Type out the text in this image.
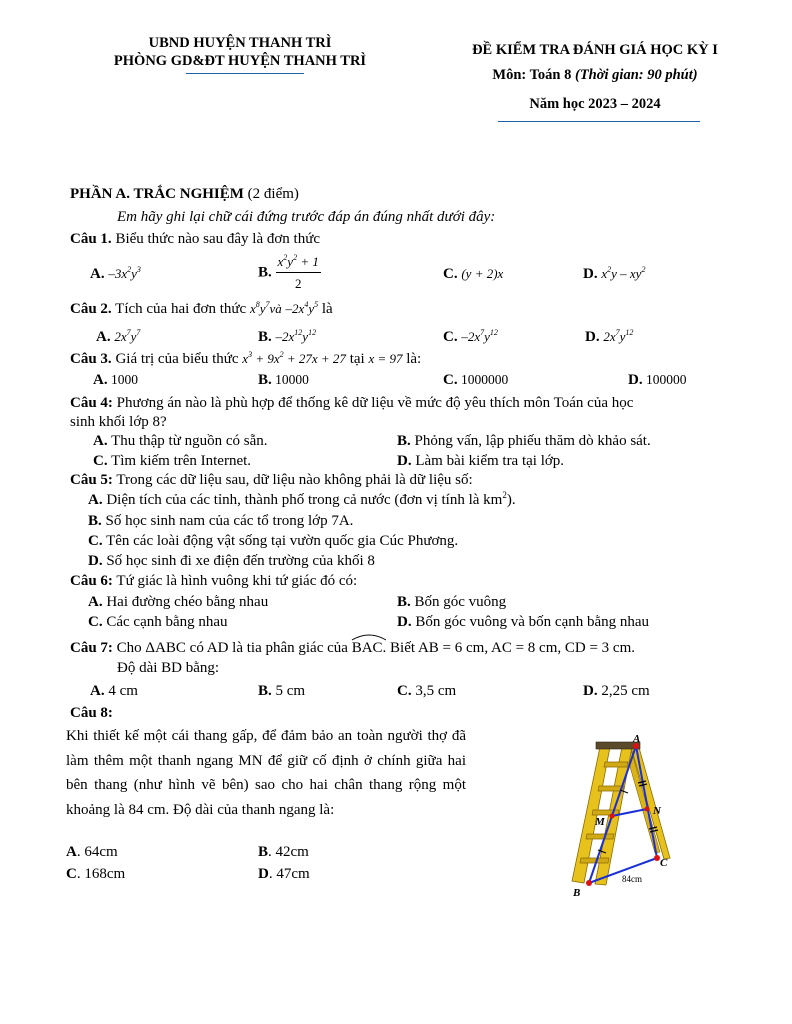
UBND HUYỆN THANH TRÌ
PHÒNG GD&ĐT HUYỆN THANH TRÌ
ĐỀ KIỂM TRA ĐÁNH GIÁ HỌC KỲ I
Môn: Toán 8 (Thời gian: 90 phút)
Năm học 2023 – 2024
PHẦN A. TRẮC NGHIỆM (2 điểm)
Em hãy ghi lại chữ cái đứng trước đáp án đúng nhất dưới đây:
Câu 1. Biểu thức nào sau đây là đơn thức
A. $-3x^2y^3$	B. $\frac{x^2y^2 + 1}{2}$	C. (y + 2)x	D. $x^2y - xy^2$
Câu 2. Tích của hai đơn thức $x^8y^7và$ $-2x^4y^5$ là
A. $2x^7y^7$	B. $-2x^{12}y^{12}$	C. $-2x^7y^{12}$	D. $2x^7y^{12}$
Câu 3. Giá trị của biểu thức $x^3 + 9x^2 + 27x + 27$ tại x = 97 là:
A. 1000	B. 10000	C. 1000000	D. 100000
Câu 4: Phương án nào là phù hợp để thống kê dữ liệu về mức độ yêu thích môn Toán của học
sinh khối lớp 8?
A. Thu thập từ nguồn có sẵn.	B. Phỏng vấn, lập phiếu thăm dò khảo sát.
C. Tìm kiếm trên Internet.	D. Làm bài kiểm tra tại lớp.
Câu 5: Trong các dữ liệu sau, dữ liệu nào không phải là dữ liệu số:
A. Diện tích của các tỉnh, thành phố trong cả nước (đơn vị tính là $km^2$).
B. Số học sinh nam của các tổ trong lớp 7A.
C. Tên các loài động vật sống tại vườn quốc gia Cúc Phương.
D. Số học sinh đi xe điện đến trường của khối 8
Câu 6: Tứ giác là hình vuông khi tứ giác đó có:
A. Hai đường chéo bằng nhau	B. Bốn góc vuông
C. Các cạnh bằng nhau	D. Bốn góc vuông và bốn cạnh bằng nhau
Câu 7: Cho ΔABC có AD là tia phân giác của BAC. Biết AB = 6 cm, AC = 8 cm, CD = 3 cm.
Độ dài BD bằng:
A. 4 cm	B. 5 cm	C. 3,5 cm	D. 2,25 cm
Câu 8:
Khi thiết kế một cái thang gấp, để đảm bảo an toàn người thợ đã làm thêm một thanh ngang MN để giữ cố định ở chính giữa hai bên thang (như hình vẽ bên) sao cho hai chân thang rộng một khoảng là 84 cm. Độ dài của thanh ngang là:
A. 64cm	B. 42cm
C. 168cm	D. 47cm
A
M
N
B
C
84cm
